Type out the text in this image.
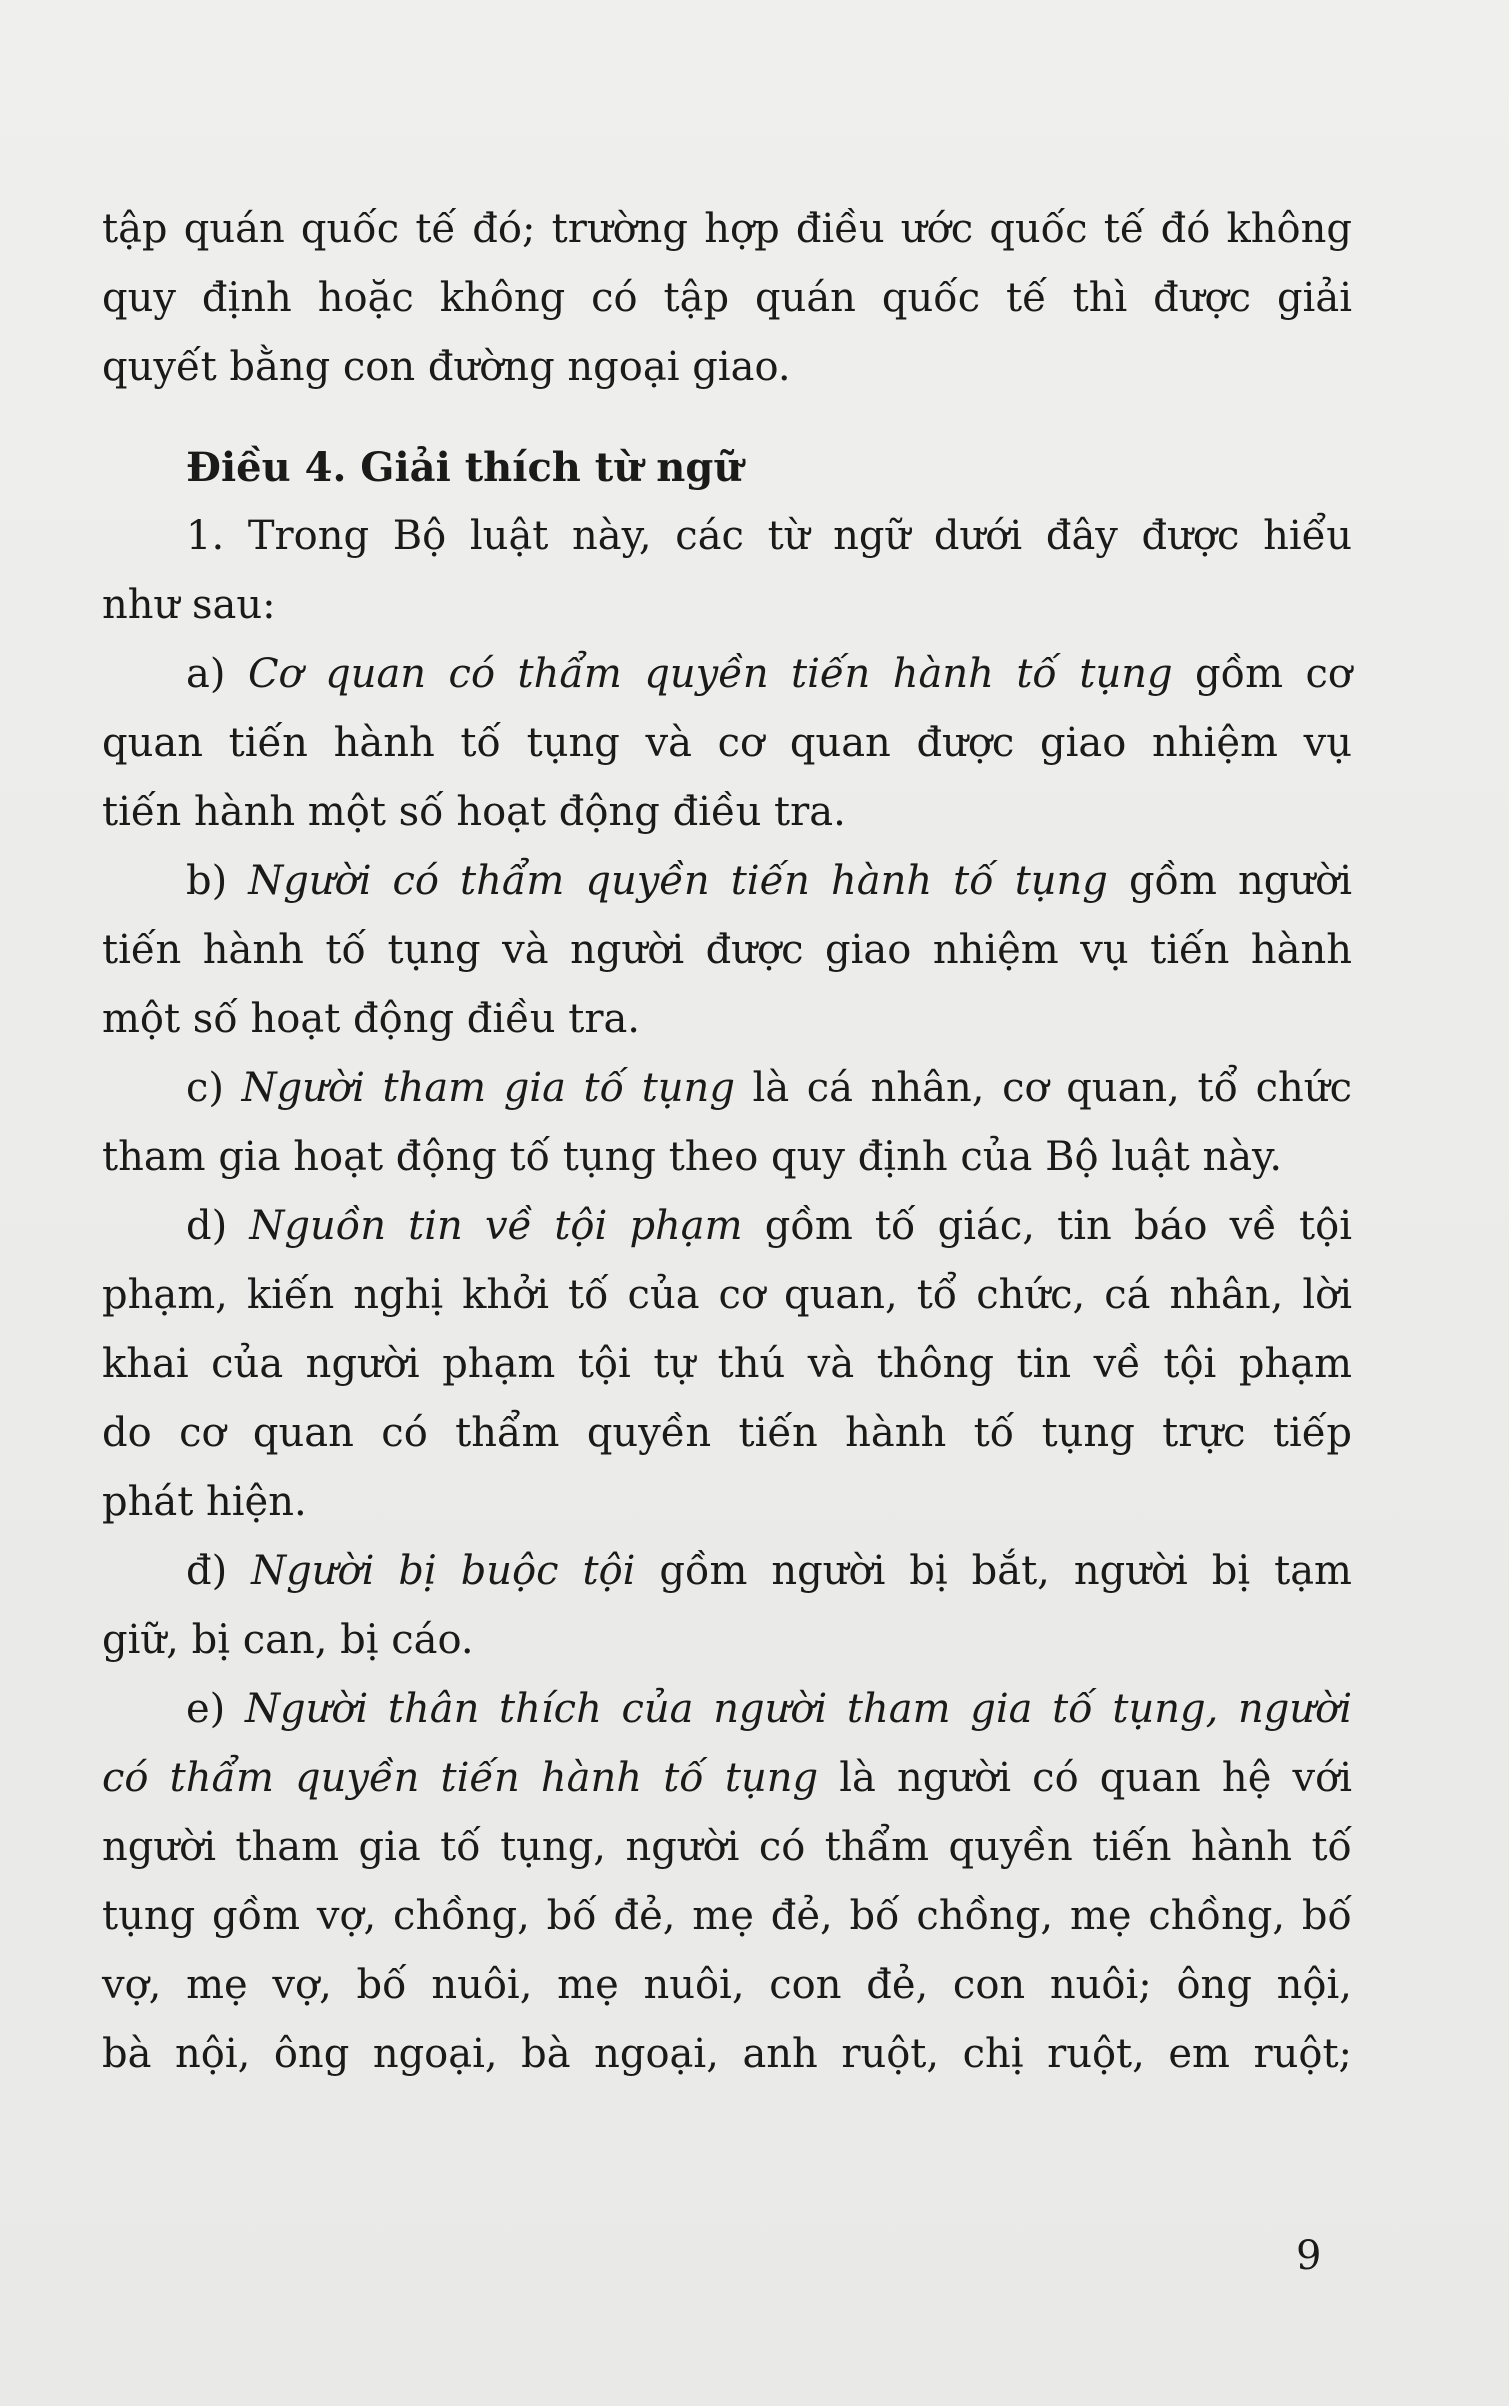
tập quán quốc tế đó; trường hợp điều ước quốc tế đó không
quy định hoặc không có tập quán quốc tế thì được giải
quyết bằng con đường ngoại giao.
Điều 4. Giải thích từ ngữ
1. Trong Bộ luật này, các từ ngữ dưới đây được hiểu
như sau:
a) Cơ quan có thẩm quyền tiến hành tố tụng gồm cơ
quan tiến hành tố tụng và cơ quan được giao nhiệm vụ
tiến hành một số hoạt động điều tra.
b) Người có thẩm quyền tiến hành tố tụng gồm người
tiến hành tố tụng và người được giao nhiệm vụ tiến hành
một số hoạt động điều tra.
c) Người tham gia tố tụng là cá nhân, cơ quan, tổ chức
tham gia hoạt động tố tụng theo quy định của Bộ luật này.
d) Nguồn tin về tội phạm gồm tố giác, tin báo về tội
phạm, kiến nghị khởi tố của cơ quan, tổ chức, cá nhân, lời
khai của người phạm tội tự thú và thông tin về tội phạm
do cơ quan có thẩm quyền tiến hành tố tụng trực tiếp
phát hiện.
đ) Người bị buộc tội gồm người bị bắt, người bị tạm
giữ, bị can, bị cáo.
e) Người thân thích của người tham gia tố tụng, người
có thẩm quyền tiến hành tố tụng là người có quan hệ với
người tham gia tố tụng, người có thẩm quyền tiến hành tố
tụng gồm vợ, chồng, bố đẻ, mẹ đẻ, bố chồng, mẹ chồng, bố
vợ, mẹ vợ, bố nuôi, mẹ nuôi, con đẻ, con nuôi; ông nội,
bà nội, ông ngoại, bà ngoại, anh ruột, chị ruột, em ruột;
9
